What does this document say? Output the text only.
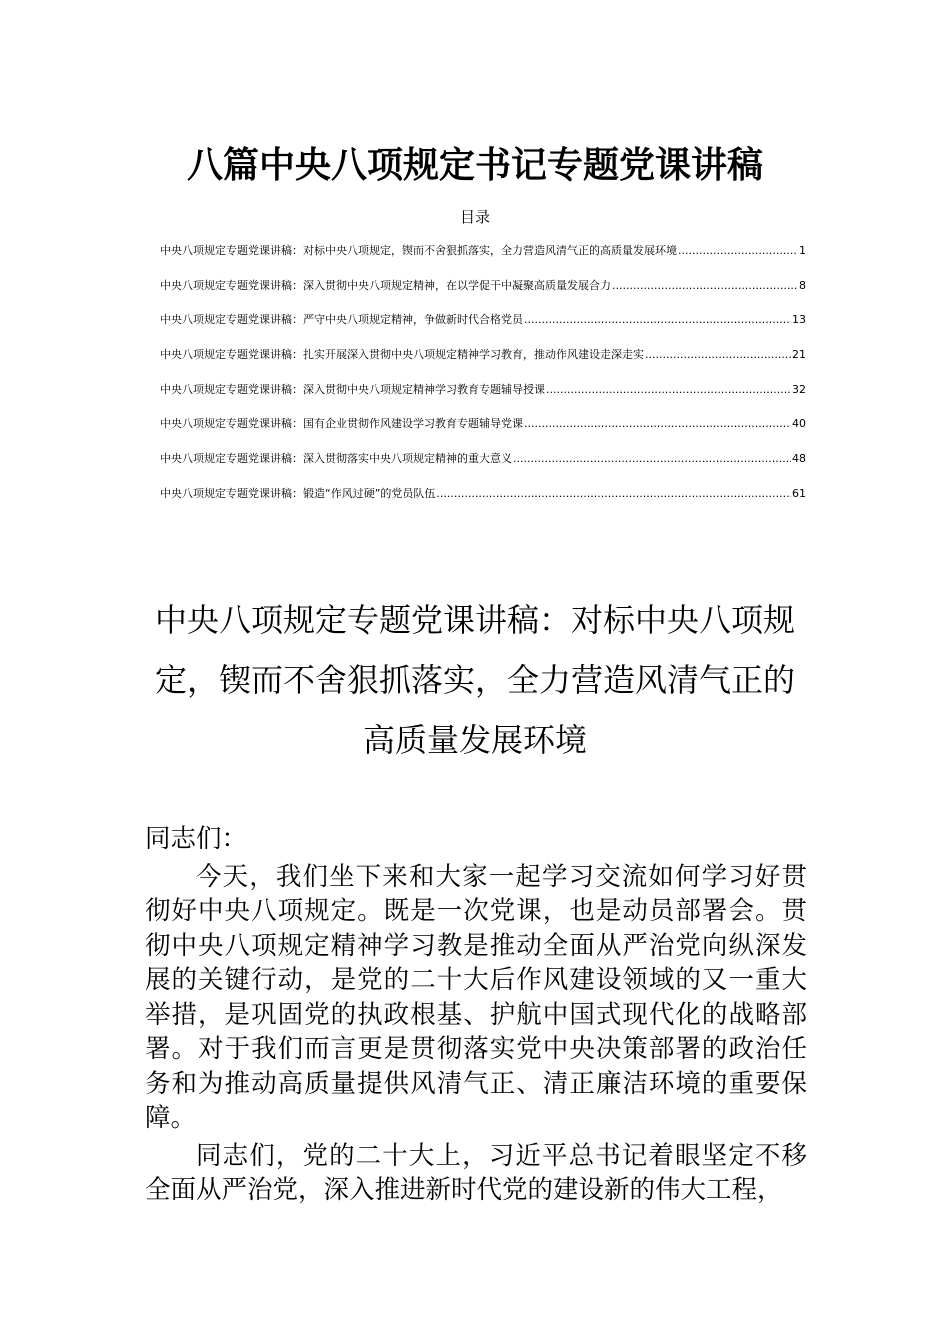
八篇中央八项规定书记专题党课讲稿
目录
中央八项规定专题党课讲稿：对标中央八项规定，锲而不舍狠抓落实，全力营造风清气正的高质量发展环境 .....	1
中央八项规定专题党课讲稿：深入贯彻中央八项规定精神，在以学促干中凝聚高质量发展合力 .....	8
中央八项规定专题党课讲稿：严守中央八项规定精神，争做新时代合格党员 .....	13
中央八项规定专题党课讲稿：扎实开展深入贯彻中央八项规定精神学习教育，推动作风建设走深走实 .....	21
中央八项规定专题党课讲稿：深入贯彻中央八项规定精神学习教育专题辅导授课 .....	32
中央八项规定专题党课讲稿：国有企业贯彻作风建设学习教育专题辅导党课 .....	40
中央八项规定专题党课讲稿：深入贯彻落实中央八项规定精神的重大意义 .....	48
中央八项规定专题党课讲稿：锻造“作风过硬”的党员队伍 .....	61
中央八项规定专题党课讲稿：对标中央八项规定，锲而不舍狠抓落实，全力营造风清气正的高质量发展环境

同志们：

今天，我们坐下来和大家一起学习交流如何学习好贯彻好中央八项规定。既是一次党课，也是动员部署会。贯彻中央八项规定精神学习教是推动全面从严治党向纵深发展的关键行动，是党的二十大后作风建设领域的又一重大举措，是巩固党的执政根基、护航中国式现代化的战略部署。对于我们而言更是贯彻落实党中央决策部署的政治任务和为推动高质量提供风清气正、清正廉洁环境的重要保障。

同志们，党的二十大上，习近平总书记着眼坚定不移全面从严治党，深入推进新时代党的建设新的伟大工程，
